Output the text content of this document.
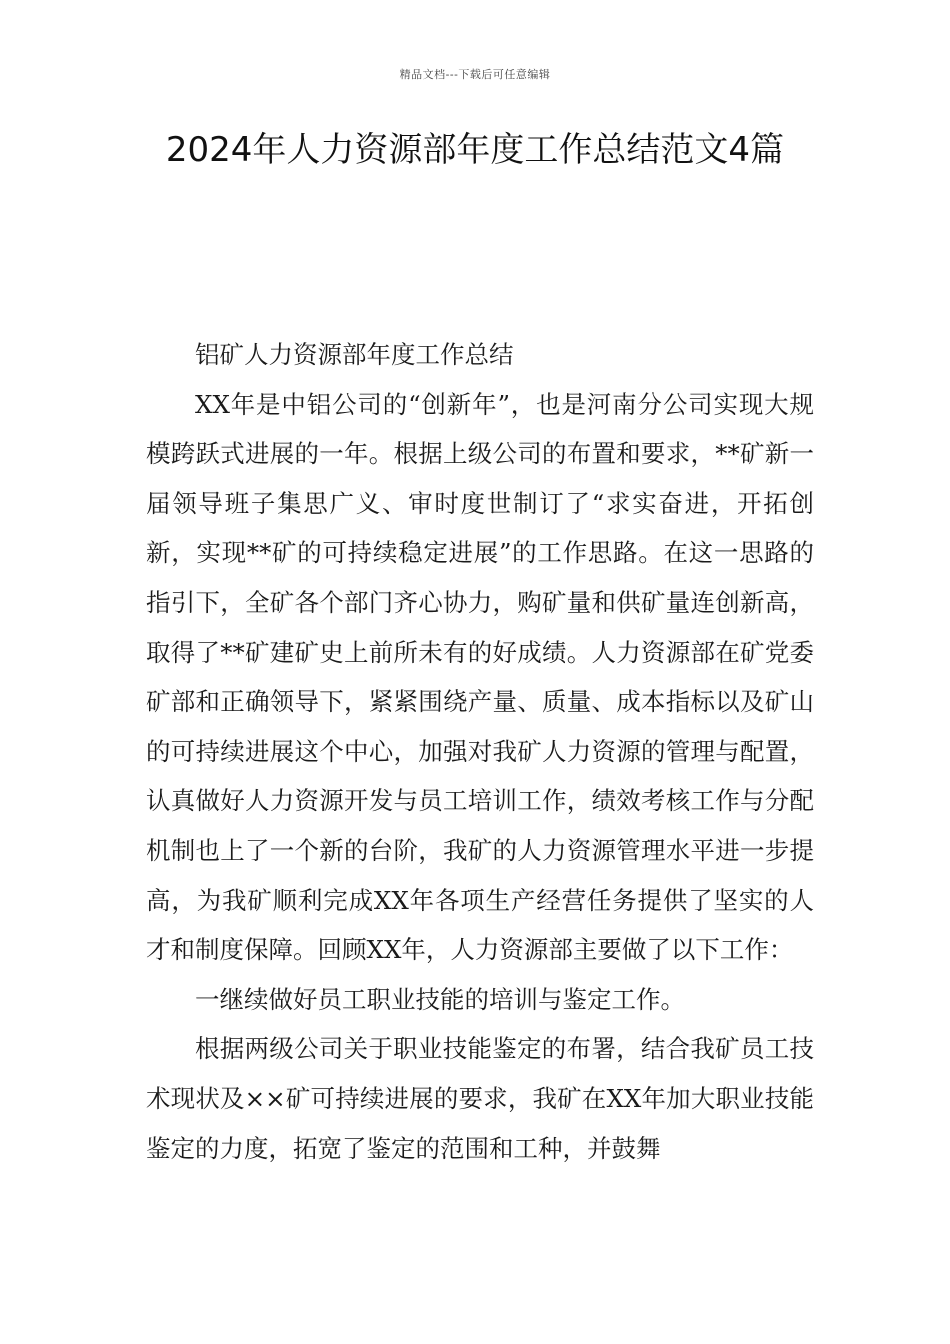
精品文档---下载后可任意编辑
2024年人力资源部年度工作总结范文4篇

铝矿人力资源部年度工作总结

XX年是中铝公司的“创新年”，也是河南分公司实现大规模跨跃式进展的一年。根据上级公司的布置和要求，**矿新一届领导班子集思广义、审时度世制订了“求实奋进，开拓创新，实现**矿的可持续稳定进展”的工作思路。在这一思路的指引下，全矿各个部门齐心协力，购矿量和供矿量连创新高，取得了**矿建矿史上前所未有的好成绩。人力资源部在矿党委矿部和正确领导下，紧紧围绕产量、质量、成本指标以及矿山的可持续进展这个中心，加强对我矿人力资源的管理与配置，认真做好人力资源开发与员工培训工作，绩效考核工作与分配机制也上了一个新的台阶，我矿的人力资源管理水平进一步提高，为我矿顺利完成XX年各项生产经营任务提供了坚实的人才和制度保障。回顾XX年，人力资源部主要做了以下工作：

一继续做好员工职业技能的培训与鉴定工作。

根据两级公司关于职业技能鉴定的布署，结合我矿员工技术现状及××矿可持续进展的要求，我矿在XX年加大职业技能鉴定的力度，拓宽了鉴定的范围和工种，并鼓舞
